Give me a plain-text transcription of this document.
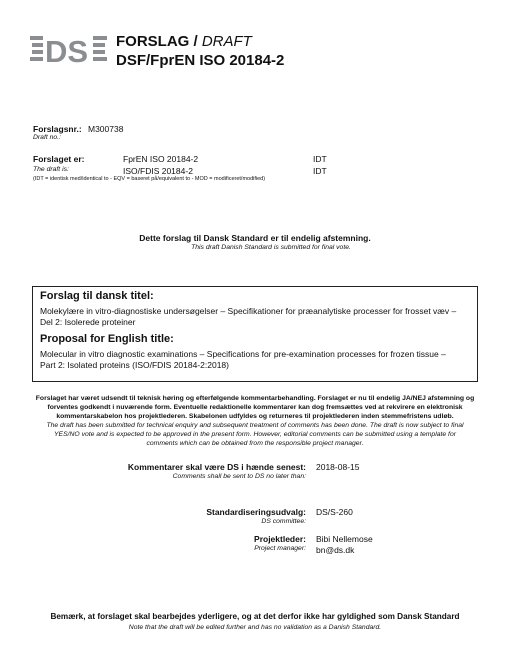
DS FORSLAG / DRAFT
DSF/FprEN ISO 20184-2
Forslagsnr.:
Draft no.:
M300738
Forslaget er:
The draft is:
FprEN ISO 20184-2
ISO/FDIS 20184-2
IDT
IDT
(IDT = identisk med/identical to - EQV = baseret på/equivalent to - MOD = modificeret/modified)
Dette forslag til Dansk Standard er til endelig afstemning.
This draft Danish Standard is submitted for final vote.
Forslag til dansk titel:
Molekylære in vitro-diagnostiske undersøgelser – Specifikationer for præanalytiske processer for frosset væv –
Del 2: Isolerede proteiner
Proposal for English title:
Molecular in vitro diagnostic examinations – Specifications for pre-examination processes for frozen tissue –
Part 2: Isolated proteins (ISO/FDIS 20184-2:2018)
Forslaget har været udsendt til teknisk høring og efterfølgende kommentarbehandling. Forslaget er nu til endelig JA/NEJ afstemning og
forventes godkendt i nuværende form. Eventuelle redaktionelle kommentarer kan dog fremsættes ved at rekvirere en elektronisk
kommentarskabelon hos projektlederen. Skabelonen udfyldes og returneres til projektlederen inden stemmefristens udløb.
The draft has been submitted for technical enquiry and subsequent treatment of comments has been done. The draft is now subject to final
YES/NO vote and is expected to be approved in the present form. However, editorial comments can be submitted using a template for
comments which can be obtained from the responsible project manager.
Kommentarer skal være DS i hænde senest:
Comments shall be sent to DS no later than:
2018-08-15
Standardiseringsudvalg:
DS committee:
DS/S-260
Projektleder:
Project manager:
Bibi Nellemose
bn@ds.dk
Bemærk, at forslaget skal bearbejdes yderligere, og at det derfor ikke har gyldighed som Dansk Standard
Note that the draft will be edited further and has no validation as a Danish Standard.
